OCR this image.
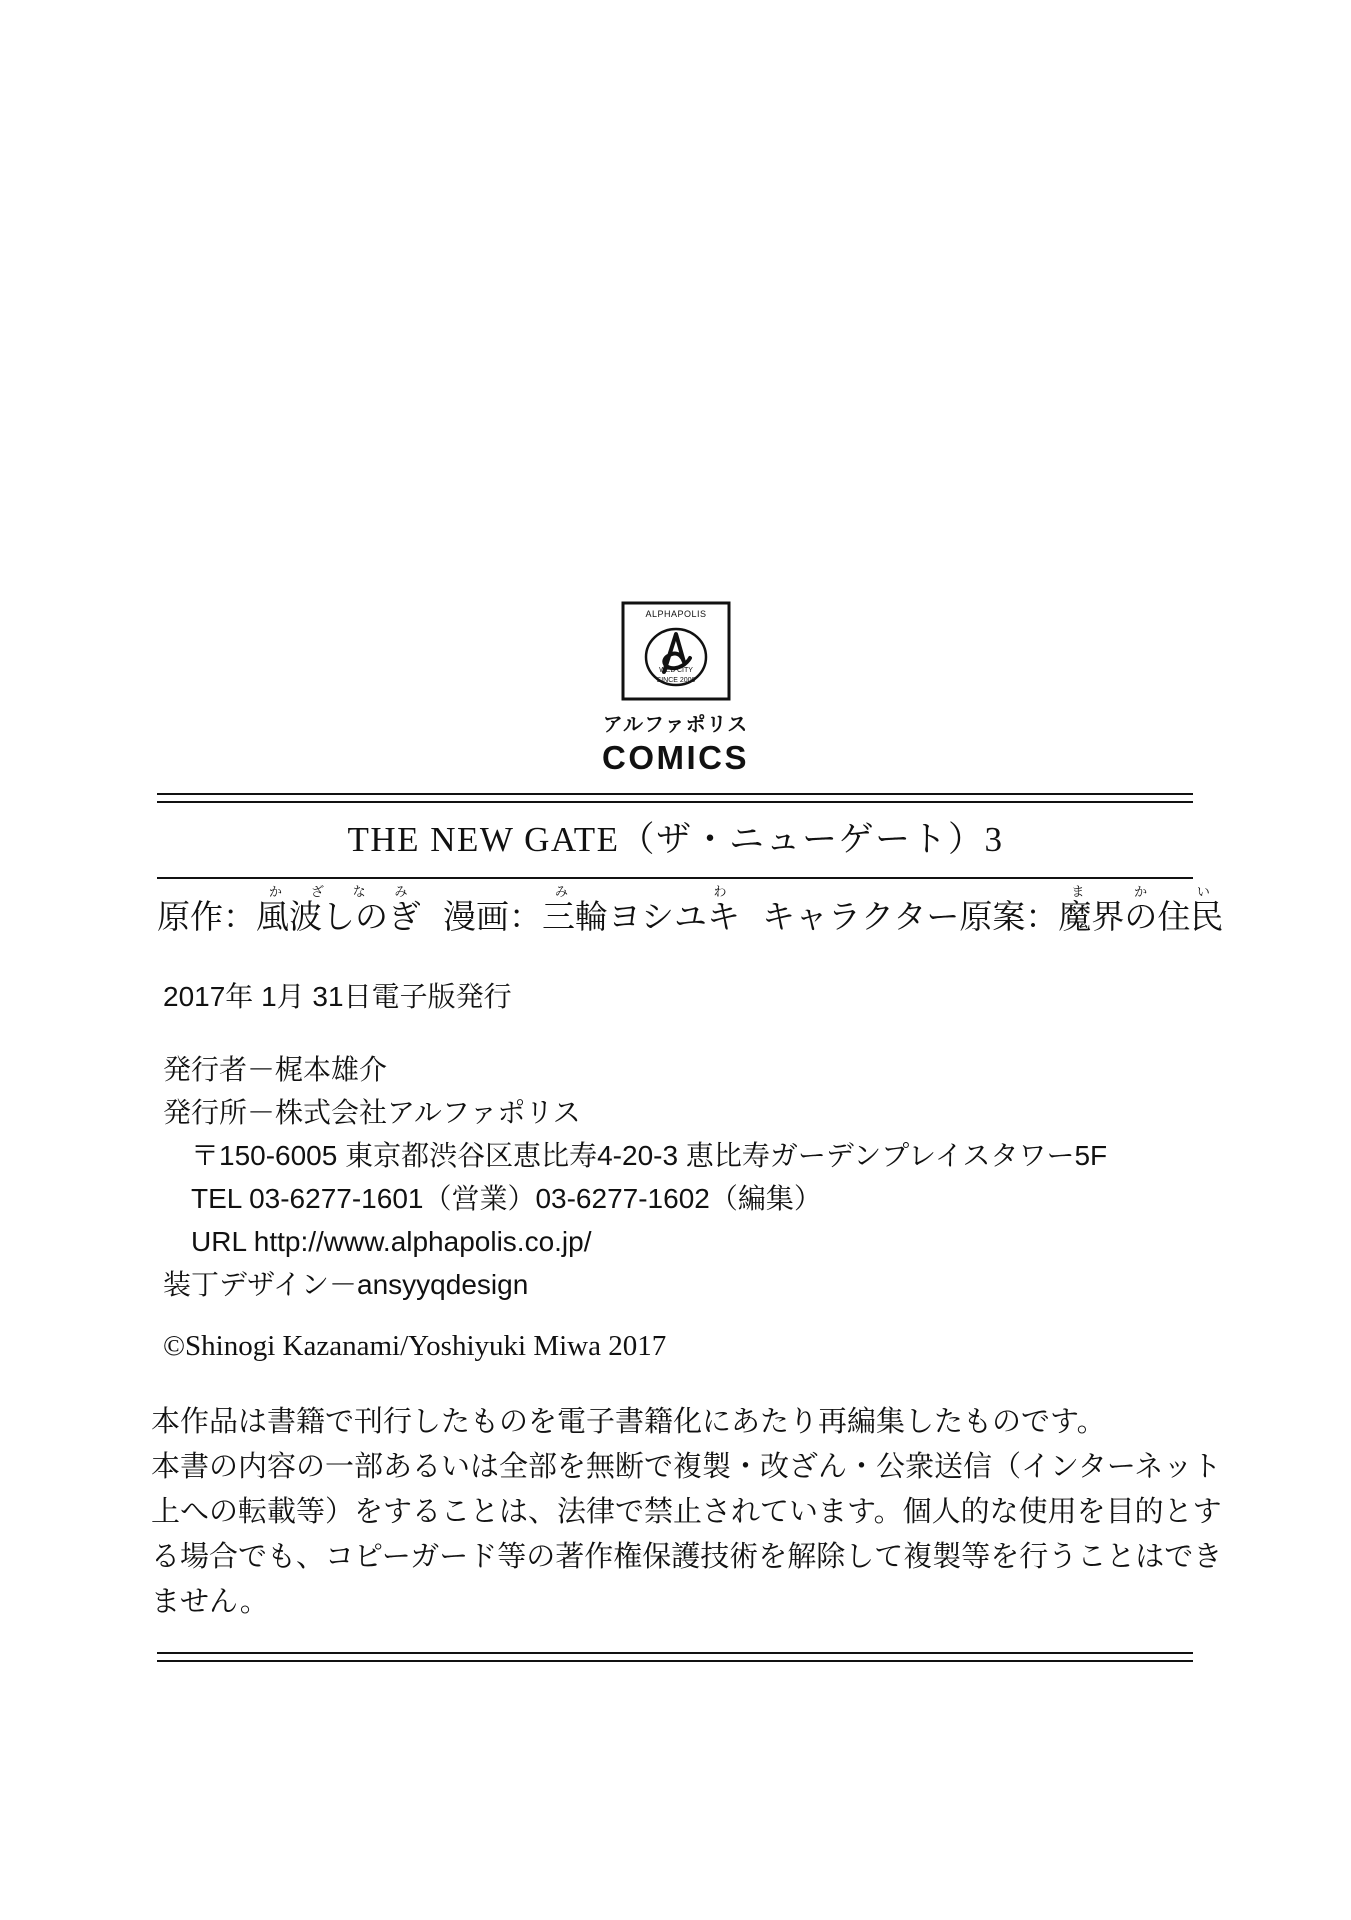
ALPHAPOLIS
WEB CITY
SINCE 2000
アルファポリス
COMICS
THE NEW GATE（ザ・ニューゲート）3
原作：風波しのぎかざなみ漫画：三輪ヨシユキみわキャラクター原案：魔界の住民まかい
2017年 1月 31日電子版発行
発行者－梶本雄介
発行所－株式会社アルファポリス
〒150-6005 東京都渋谷区恵比寿4-20-3 恵比寿ガーデンプレイスタワー5F
TEL 03-6277-1601（営業）03-6277-1602（編集）
URL http://www.alphapolis.co.jp/
装丁デザイン－ansyyqdesign
©Shinogi Kazanami/Yoshiyuki Miwa 2017
本作品は書籍で刊行したものを電子書籍化にあたり再編集したものです。
本書の内容の一部あるいは全部を無断で複製・改ざん・公衆送信（インターネット
上への転載等）をすることは、法律で禁止されています。個人的な使用を目的とす
る場合でも、コピーガード等の著作権保護技術を解除して複製等を行うことはでき
ません。
